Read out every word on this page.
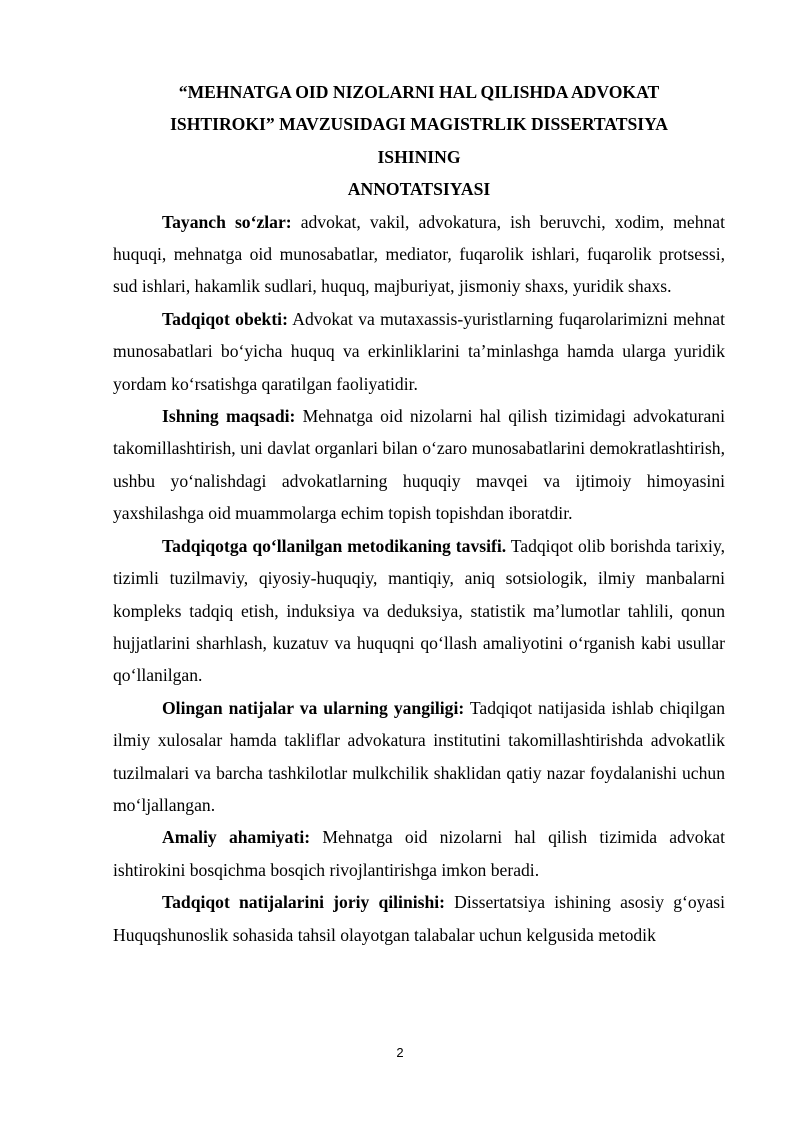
“MEHNATGA OID NIZOLARNI HAL QILISHDA ADVOKAT

ISHTIROKI” MAVZUSIDAGI MAGISTRLIK DISSERTATSIYA

ISHINING

ANNOTATSIYASI

Tayanch so‘zlar: advokat, vakil, advokatura, ish beruvchi, xodim, mehnat huquqi, mehnatga oid munosabatlar, mediator, fuqarolik ishlari, fuqarolik protsessi, sud ishlari, hakamlik sudlari, huquq, majburiyat, jismoniy shaxs, yuridik shaxs.

Tadqiqot obekti: Advokat va mutaxassis-yuristlarning fuqarolarimizni mehnat munosabatlari bo‘yicha huquq va erkinliklarini ta’minlashga hamda ularga yuridik yordam ko‘rsatishga qaratilgan faoliyatidir.

Ishning maqsadi: Mehnatga oid nizolarni hal qilish tizimidagi advokaturani takomillashtirish, uni davlat organlari bilan o‘zaro munosabatlarini demokratlashtirish, ushbu yo‘nalishdagi advokatlarning huquqiy mavqei va ijtimoiy himoyasini yaxshilashga oid muammolarga echim topish topishdan iboratdir.

Tadqiqotga qo‘llanilgan metodikaning tavsifi. Tadqiqot olib borishda tarixiy, tizimli tuzilmaviy, qiyosiy-huquqiy, mantiqiy, aniq sotsiologik, ilmiy manbalarni kompleks tadqiq etish, induksiya va deduksiya, statistik ma’lumotlar tahlili, qonun hujjatlarini sharhlash, kuzatuv va huquqni qo‘llash amaliyotini o‘rganish kabi usullar qo‘llanilgan.

Olingan natijalar va ularning yangiligi: Tadqiqot natijasida ishlab chiqilgan ilmiy xulosalar hamda takliflar advokatura institutini takomillashtirishda advokatlik tuzilmalari va barcha tashkilotlar mulkchilik shaklidan qatiy nazar foydalanishi uchun mo‘ljallangan.

Amaliy ahamiyati: Mehnatga oid nizolarni hal qilish tizimida advokat ishtirokini bosqichma bosqich rivojlantirishga imkon beradi.

Tadqiqot natijalarini joriy qilinishi: Dissertatsiya ishining asosiy g‘oyasi Huquqshunoslik sohasida tahsil olayotgan talabalar uchun kelgusida metodik

2
